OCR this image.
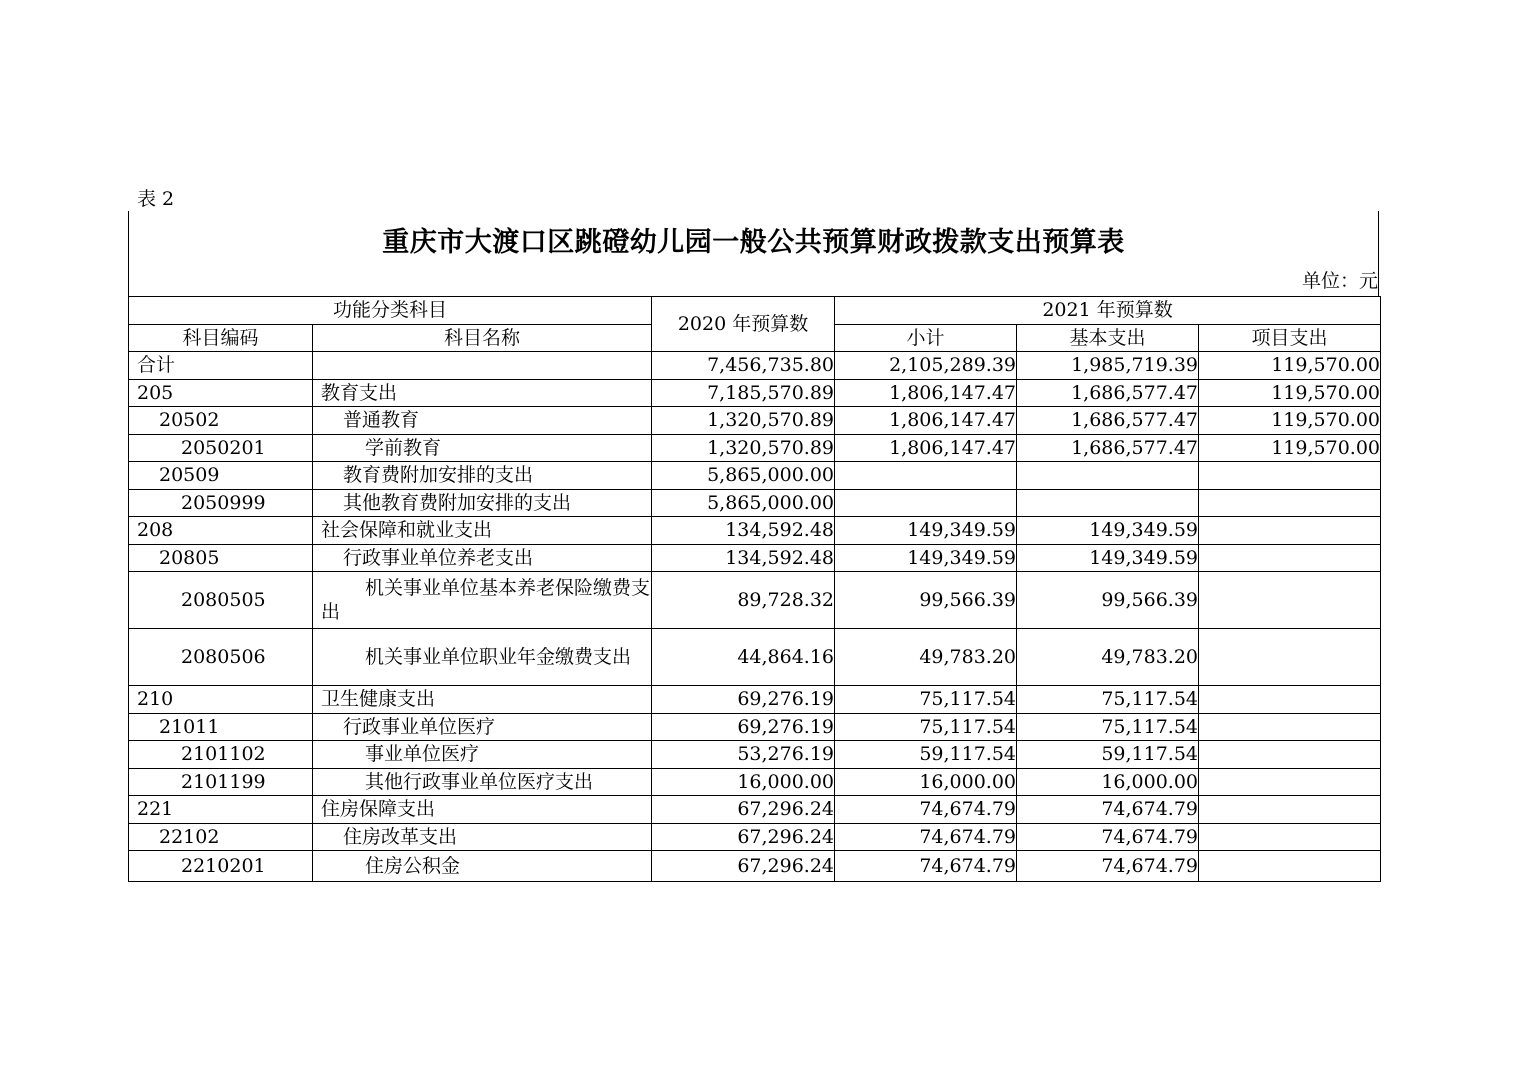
表 2
重庆市大渡口区跳磴幼儿园一般公共预算财政拨款支出预算表
单位：元
功能分类科目		2020 年预算数	2021 年预算数		
科目编码	科目名称		小计	基本支出	项目支出
合计		7,456,735.80	2,105,289.39	1,985,719.39	119,570.00
205	教育支出	7,185,570.89	1,806,147.47	1,686,577.47	119,570.00
20502	普通教育	1,320,570.89	1,806,147.47	1,686,577.47	119,570.00
2050201	学前教育	1,320,570.89	1,806,147.47	1,686,577.47	119,570.00
20509	教育费附加安排的支出	5,865,000.00			
2050999	其他教育费附加安排的支出	5,865,000.00			
208	社会保障和就业支出	134,592.48	149,349.59	149,349.59	
20805	行政事业单位养老支出	134,592.48	149,349.59	149,349.59	
2080505	机关事业单位基本养老保险缴费支出	89,728.32	99,566.39	99,566.39	
2080506	机关事业单位职业年金缴费支出	44,864.16	49,783.20	49,783.20	
210	卫生健康支出	69,276.19	75,117.54	75,117.54	
21011	行政事业单位医疗	69,276.19	75,117.54	75,117.54	
2101102	事业单位医疗	53,276.19	59,117.54	59,117.54	
2101199	其他行政事业单位医疗支出	16,000.00	16,000.00	16,000.00	
221	住房保障支出	67,296.24	74,674.79	74,674.79	
22102	住房改革支出	67,296.24	74,674.79	74,674.79	
2210201	住房公积金	67,296.24	74,674.79	74,674.79	
